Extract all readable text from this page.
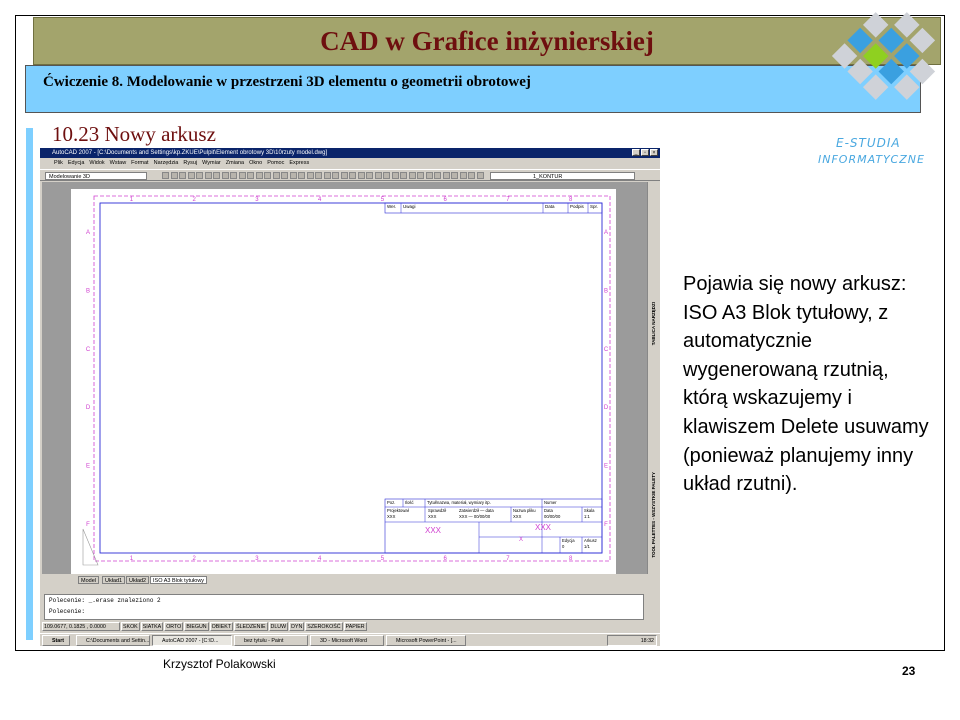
CAD w Grafice inżynierskiej
Ćwiczenie 8. Modelowanie w przestrzeni 3D elementu o geometrii obrotowej
E-STUDIA
INFORMATYCZNE
10.23 Nowy arkusz
AutoCAD 2007 - [C:\Documents and Settings\kp.ZKUE\Pulpit\Element obrotowy 3D\10rzuty model.dwg]	_	▫	×
Plik Edycja Widok Wstaw Format Narzędzia Rysuj Wymiar Zmiana Okno Pomoc Express
Modelowanie 3D	1_KONTUR
1
1
2
2
3
3
4
4
5
5
6
6
7
7
8
8
A	A
B	B
C	C
D	D
E	E
F	F
Wer. Uwagi	Data	Podpis Spr.
Poz. Ilość	Tytuł/nazwa, materiał, wymiary itp.	Numer
Projektował
XXX
Sprawdził
XXX
Zatwierdził — data
XXX — 00/00/00
Nazwa pliku
XXX
Data
00/00/00
Skala
1:1
XXX	XXX
X	Edycja
0
Arkusz
1/1
TABLICA NARZĘDZI
TOOL PALETTES - WSZYSTKIE PALETY
Model	Układ1	Układ2	ISO A3 Blok tytułowy
Polecenie: _.erase znaleziono 2
Polecenie:
109.0677, 0.1825 , 0.0000	SKOK SIATKA ORTO BIEGUN OBIEKT ŚLEDZENIE DLUW DYN SZEROKOŚĆ PAPIER
Start	C:\Documents and Settin...	AutoCAD 2007 - [C:\D...	bez tytułu - Paint	3D - Microsoft Word	Microsoft PowerPoint - [...	18:32
Pojawia się nowy arkusz: ISO A3 Blok tytułowy, z automatycznie wygenerowaną rzutnią, którą wskazujemy i klawiszem Delete usuwamy (ponieważ planujemy inny układ rzutni).
Krzysztof Polakowski	23
